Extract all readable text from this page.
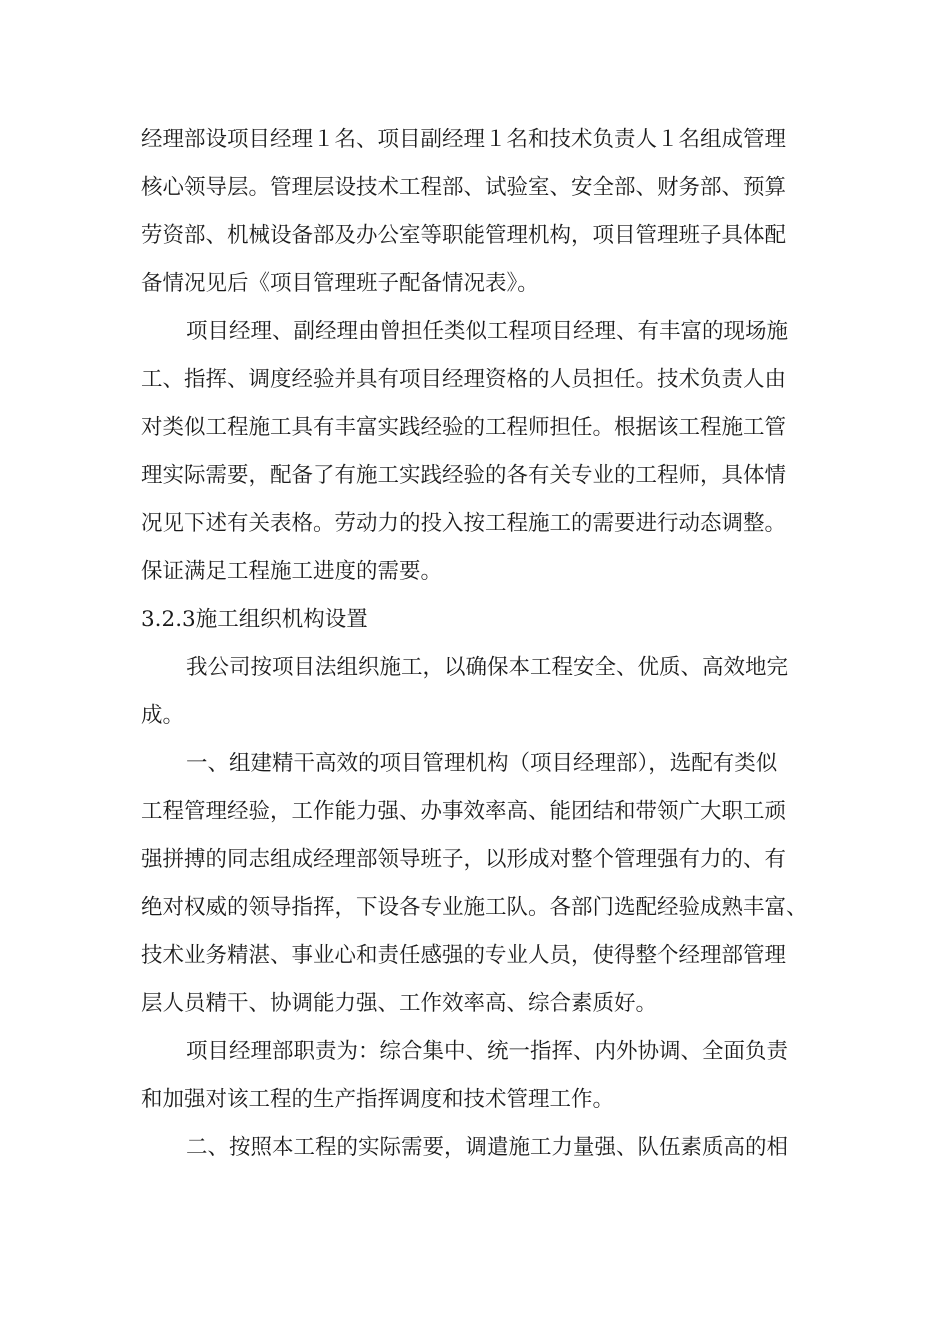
经理部设项目经理１名、项目副经理１名和技术负责人１名组成管理
核心领导层。管理层设技术工程部、试验室、安全部、财务部、预算
劳资部、机械设备部及办公室等职能管理机构，项目管理班子具体配
备情况见后《项目管理班子配备情况表》。

项目经理、副经理由曾担任类似工程项目经理、有丰富的现场施
工、指挥、调度经验并具有项目经理资格的人员担任。技术负责人由
对类似工程施工具有丰富实践经验的工程师担任。根据该工程施工管
理实际需要，配备了有施工实践经验的各有关专业的工程师，具体情
况见下述有关表格。劳动力的投入按工程施工的需要进行动态调整。
保证满足工程施工进度的需要。

3.2.3施工组织机构设置

我公司按项目法组织施工，以确保本工程安全、优质、高效地完
成。

一、组建精干高效的项目管理机构（项目经理部），选配有类似
工程管理经验，工作能力强、办事效率高、能团结和带领广大职工顽
强拼搏的同志组成经理部领导班子，以形成对整个管理强有力的、有
绝对权威的领导指挥，下设各专业施工队。各部门选配经验成熟丰富、
技术业务精湛、事业心和责任感强的专业人员，使得整个经理部管理
层人员精干、协调能力强、工作效率高、综合素质好。

项目经理部职责为：综合集中、统一指挥、内外协调、全面负责
和加强对该工程的生产指挥调度和技术管理工作。

二、按照本工程的实际需要，调遣施工力量强、队伍素质高的相
